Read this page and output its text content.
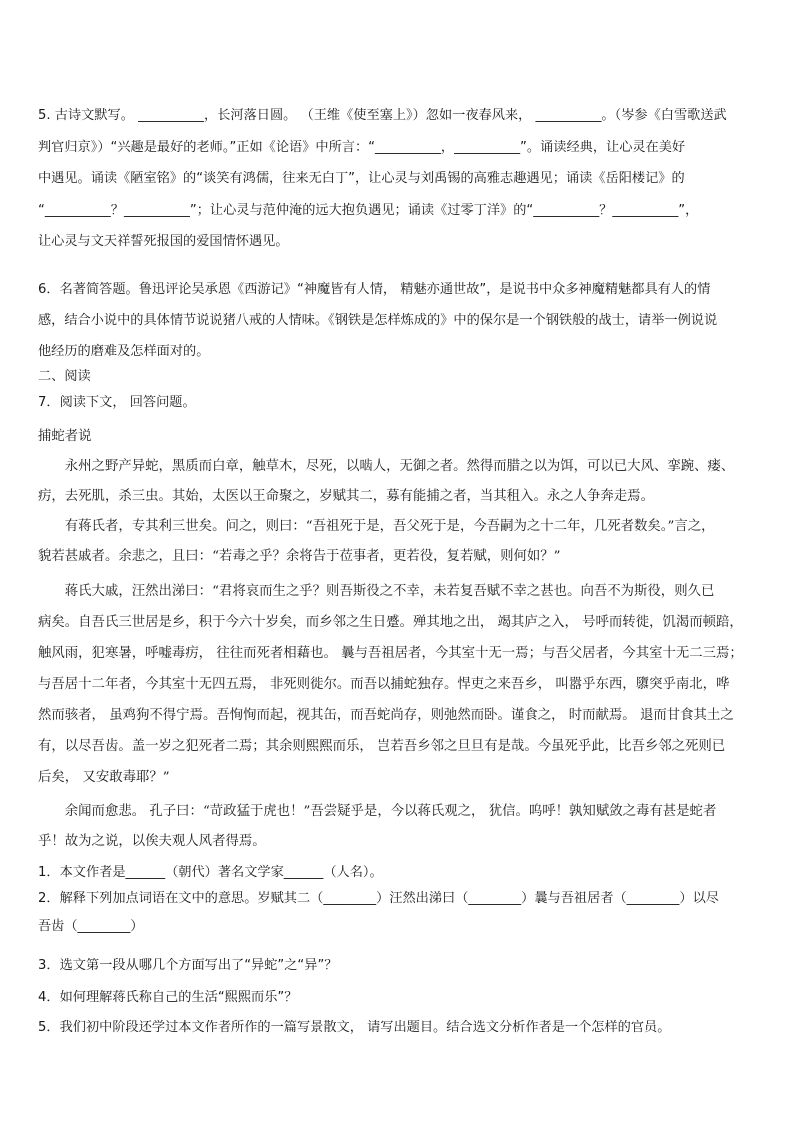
5. 古诗文默写。 __________，长河落日圆。 （王维《使至塞上》）忽如一夜春风来， __________。（岑参《白雪歌送武
判官归京》）“兴趣是最好的老师。”正如《论语》中所言：“__________，__________”。诵读经典，让心灵在美好
中遇见。诵读《陋室铭》的“谈笑有鸿儒，往来无白丁”，让心灵与刘禹锡的高雅志趣遇见；诵读《岳阳楼记》的
“__________？__________”；让心灵与范仲淹的远大抱负遇见；诵读《过零丁洋》的“__________？__________”，
让心灵与文天祥誓死报国的爱国情怀遇见。
6．名著简答题。鲁迅评论吴承恩《西游记》“神魔皆有人情， 精魅亦通世故”，是说书中众多神魔精魅都具有人的情
感，结合小说中的具体情节说说猪八戒的人情味。《钢铁是怎样炼成的》中的保尔是一个钢铁般的战士，请举一例说说
他经历的磨难及怎样面对的。
二、阅读
7．阅读下文， 回答问题。
捕蛇者说
　　永州之野产异蛇，黑质而白章，触草木，尽死，以啮人，无御之者。然得而腊之以为饵，可以已大风、挛踠、瘘、
疠，去死肌，杀三虫。其始，太医以王命聚之，岁赋其二，募有能捕之者，当其租入。永之人争奔走焉。
　　有蒋氏者，专其利三世矣。问之，则曰：“吾祖死于是，吾父死于是，今吾嗣为之十二年，几死者数矣。”言之，
貌若甚戚者。余悲之，且曰：“若毒之乎？余将告于莅事者，更若役，复若赋，则何如？”
　　蒋氏大戚，汪然出涕曰：“君将哀而生之乎？则吾斯役之不幸，未若复吾赋不幸之甚也。向吾不为斯役，则久已
病矣。自吾氏三世居是乡，积于今六十岁矣，而乡邻之生日蹙。殚其地之出， 竭其庐之入， 号呼而转徙，饥渴而顿踣，
触风雨，犯寒暑，呼嘘毒疠， 往往而死者相藉也。 曩与吾祖居者，今其室十无一焉；与吾父居者，今其室十无二三焉；
与吾居十二年者，今其室十无四五焉， 非死则徙尔。而吾以捕蛇独存。悍吏之来吾乡， 叫嚣乎东西，隳突乎南北，哗
然而骇者， 虽鸡狗不得宁焉。吾恂恂而起，视其缶，而吾蛇尚存，则弛然而卧。谨食之， 时而献焉。 退而甘食其土之
有，以尽吾齿。盖一岁之犯死者二焉；其余则熙熙而乐， 岂若吾乡邻之旦旦有是哉。今虽死乎此，比吾乡邻之死则已
后矣， 又安敢毒耶？”
　　余闻而愈悲。 孔子曰：“苛政猛于虎也！”吾尝疑乎是，今以蒋氏观之， 犹信。呜呼！孰知赋敛之毒有甚是蛇者
乎！故为之说，以俟夫观人风者得焉。
1．本文作者是______（朝代）著名文学家______（人名）。
2．解释下列加点词语在文中的意思。岁赋其二（________）汪然出涕曰（________）曩与吾祖居者（________）以尽
吾齿（________）
3．选文第一段从哪几个方面写出了“异蛇”之“异”？
4．如何理解蒋氏称自己的生活“熙熙而乐”？
5．我们初中阶段还学过本文作者所作的一篇写景散文， 请写出题目。结合选文分析作者是一个怎样的官员。
